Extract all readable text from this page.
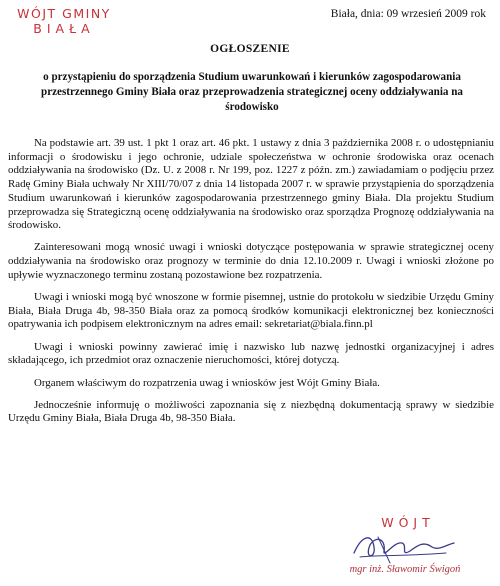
WÓJT GMINY
BIAŁA
Biała, dnia: 09 wrzesień 2009 rok
OGŁOSZENIE
o przystąpieniu do sporządzenia Studium uwarunkowań i kierunków zagospodarowania przestrzennego Gminy Biała oraz przeprowadzenia strategicznej oceny oddziaływania na środowisko

Na podstawie art. 39 ust. 1 pkt 1 oraz art. 46 pkt. 1 ustawy z dnia 3 października 2008 r. o udostępnianiu informacji o środowisku i jego ochronie, udziale społeczeństwa w ochronie środowiska oraz ocenach oddziaływania na środowisko (Dz. U. z 2008 r. Nr 199, poz. 1227 z późn. zm.) zawiadamiam o podjęciu przez Radę Gminy Biała uchwały Nr XIII/70/07 z dnia 14 listopada 2007 r. w sprawie przystąpienia do sporządzenia Studium uwarunkowań i kierunków zagospodarowania przestrzennego gminy Biała. Dla projektu Studium przeprowadza się Strategiczną ocenę oddziaływania na środowisko oraz sporządza Prognozę oddziaływania na środowisko.

Zainteresowani mogą wnosić uwagi i wnioski dotyczące postępowania w sprawie strategicznej oceny oddziaływania na środowisko oraz prognozy w terminie do dnia 12.10.2009 r. Uwagi i wnioski złożone po upływie wyznaczonego terminu zostaną pozostawione bez rozpatrzenia.

Uwagi i wnioski mogą być wnoszone w formie pisemnej, ustnie do protokołu w siedzibie Urzędu Gminy Biała, Biała Druga 4b, 98-350 Biała oraz za pomocą środków komunikacji elektronicznej bez konieczności opatrywania ich podpisem elektronicznym na adres email: sekretariat@biala.finn.pl

Uwagi i wnioski powinny zawierać imię i nazwisko lub nazwę jednostki organizacyjnej i adres składającego, ich przedmiot oraz oznaczenie nieruchomości, której dotyczą.

Organem właściwym do rozpatrzenia uwag i wniosków jest Wójt Gminy Biała.

Jednocześnie informuję o możliwości zapoznania się z niezbędną dokumentacją sprawy w siedzibie Urzędu Gminy Biała, Biała Druga 4b, 98-350 Biała.

WÓJT
mgr inż. Sławomir Świgoń
